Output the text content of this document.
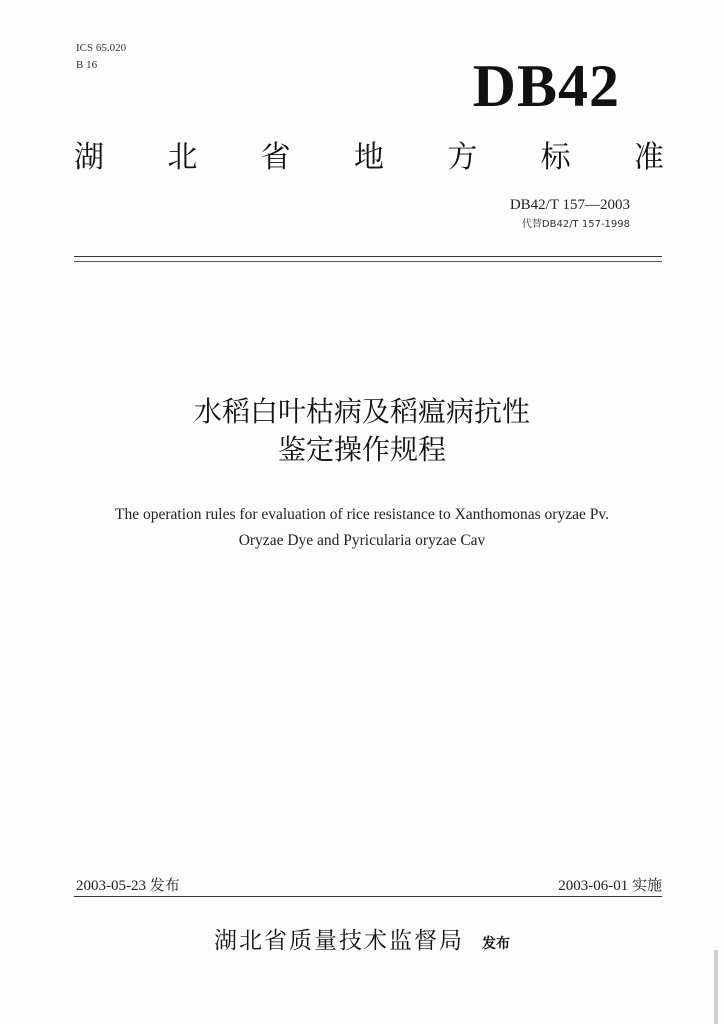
ICS 65.020
B 16	DB42
湖 北 省 地 方 标 准
DB42/T 157—2003
代替DB42/T 157-1998
水稻白叶枯病及稻瘟病抗性
鉴定操作规程
The operation rules for evaluation of rice resistance to Xanthomonas oryzae Pv.
Oryzae Dye and Pyricularia oryzae Cav
2003-05-23 发布	2003-06-01 实施
湖北省质量技术监督局 发布
